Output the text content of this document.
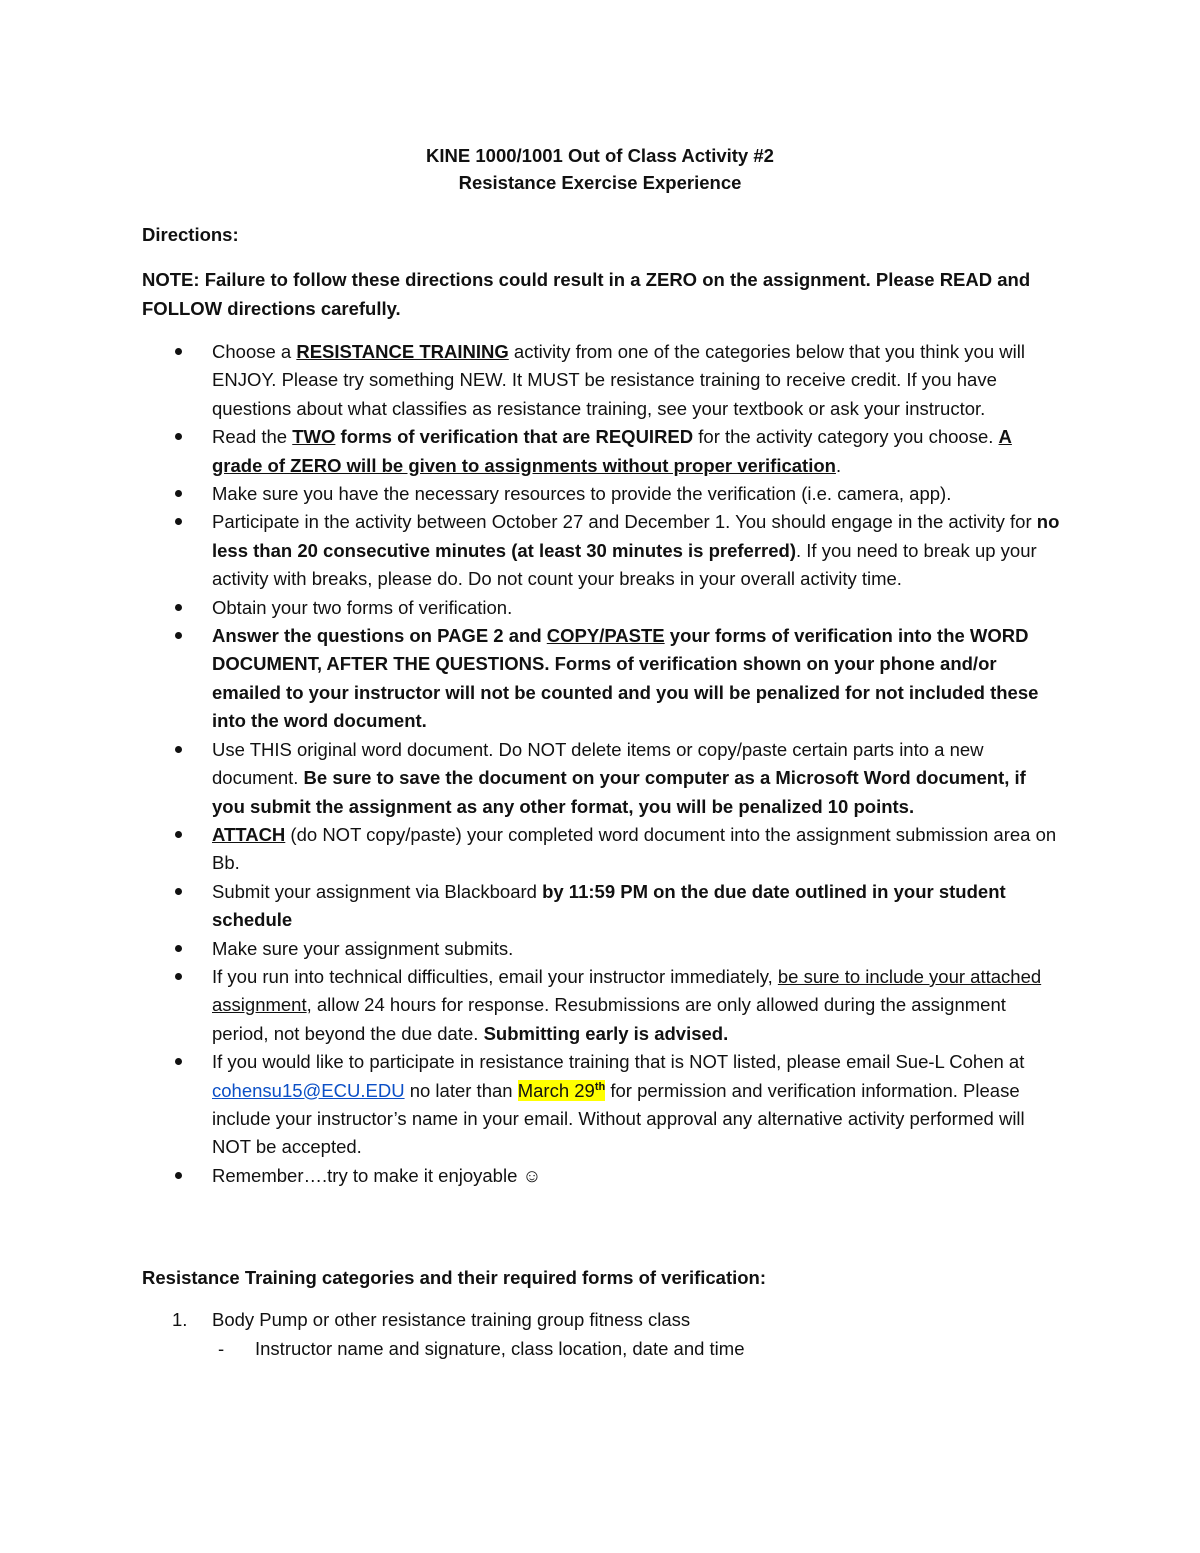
KINE 1000/1001 Out of Class Activity #2
Resistance Exercise Experience
Directions:
NOTE: Failure to follow these directions could result in a ZERO on the assignment. Please READ and FOLLOW directions carefully.
Choose a RESISTANCE TRAINING activity from one of the categories below that you think you will ENJOY. Please try something NEW. It MUST be resistance training to receive credit. If you have questions about what classifies as resistance training, see your textbook or ask your instructor.
Read the TWO forms of verification that are REQUIRED for the activity category you choose. A grade of ZERO will be given to assignments without proper verification.
Make sure you have the necessary resources to provide the verification (i.e. camera, app).
Participate in the activity between October 27 and December 1. You should engage in the activity for no less than 20 consecutive minutes (at least 30 minutes is preferred). If you need to break up your activity with breaks, please do. Do not count your breaks in your overall activity time.
Obtain your two forms of verification.
Answer the questions on PAGE 2 and COPY/PASTE your forms of verification into the WORD DOCUMENT, AFTER THE QUESTIONS. Forms of verification shown on your phone and/or emailed to your instructor will not be counted and you will be penalized for not included these into the word document.
Use THIS original word document. Do NOT delete items or copy/paste certain parts into a new document. Be sure to save the document on your computer as a Microsoft Word document, if you submit the assignment as any other format, you will be penalized 10 points.
ATTACH (do NOT copy/paste) your completed word document into the assignment submission area on Bb.
Submit your assignment via Blackboard by 11:59 PM on the due date outlined in your student schedule
Make sure your assignment submits.
If you run into technical difficulties, email your instructor immediately, be sure to include your attached assignment, allow 24 hours for response. Resubmissions are only allowed during the assignment period, not beyond the due date. Submitting early is advised.
If you would like to participate in resistance training that is NOT listed, please email Sue-L Cohen at cohensu15@ECU.EDU no later than March 29th for permission and verification information. Please include your instructor’s name in your email. Without approval any alternative activity performed will NOT be accepted.
Remember….try to make it enjoyable ☺
Resistance Training categories and their required forms of verification:
1. Body Pump or other resistance training group fitness class
- Instructor name and signature, class location, date and time
